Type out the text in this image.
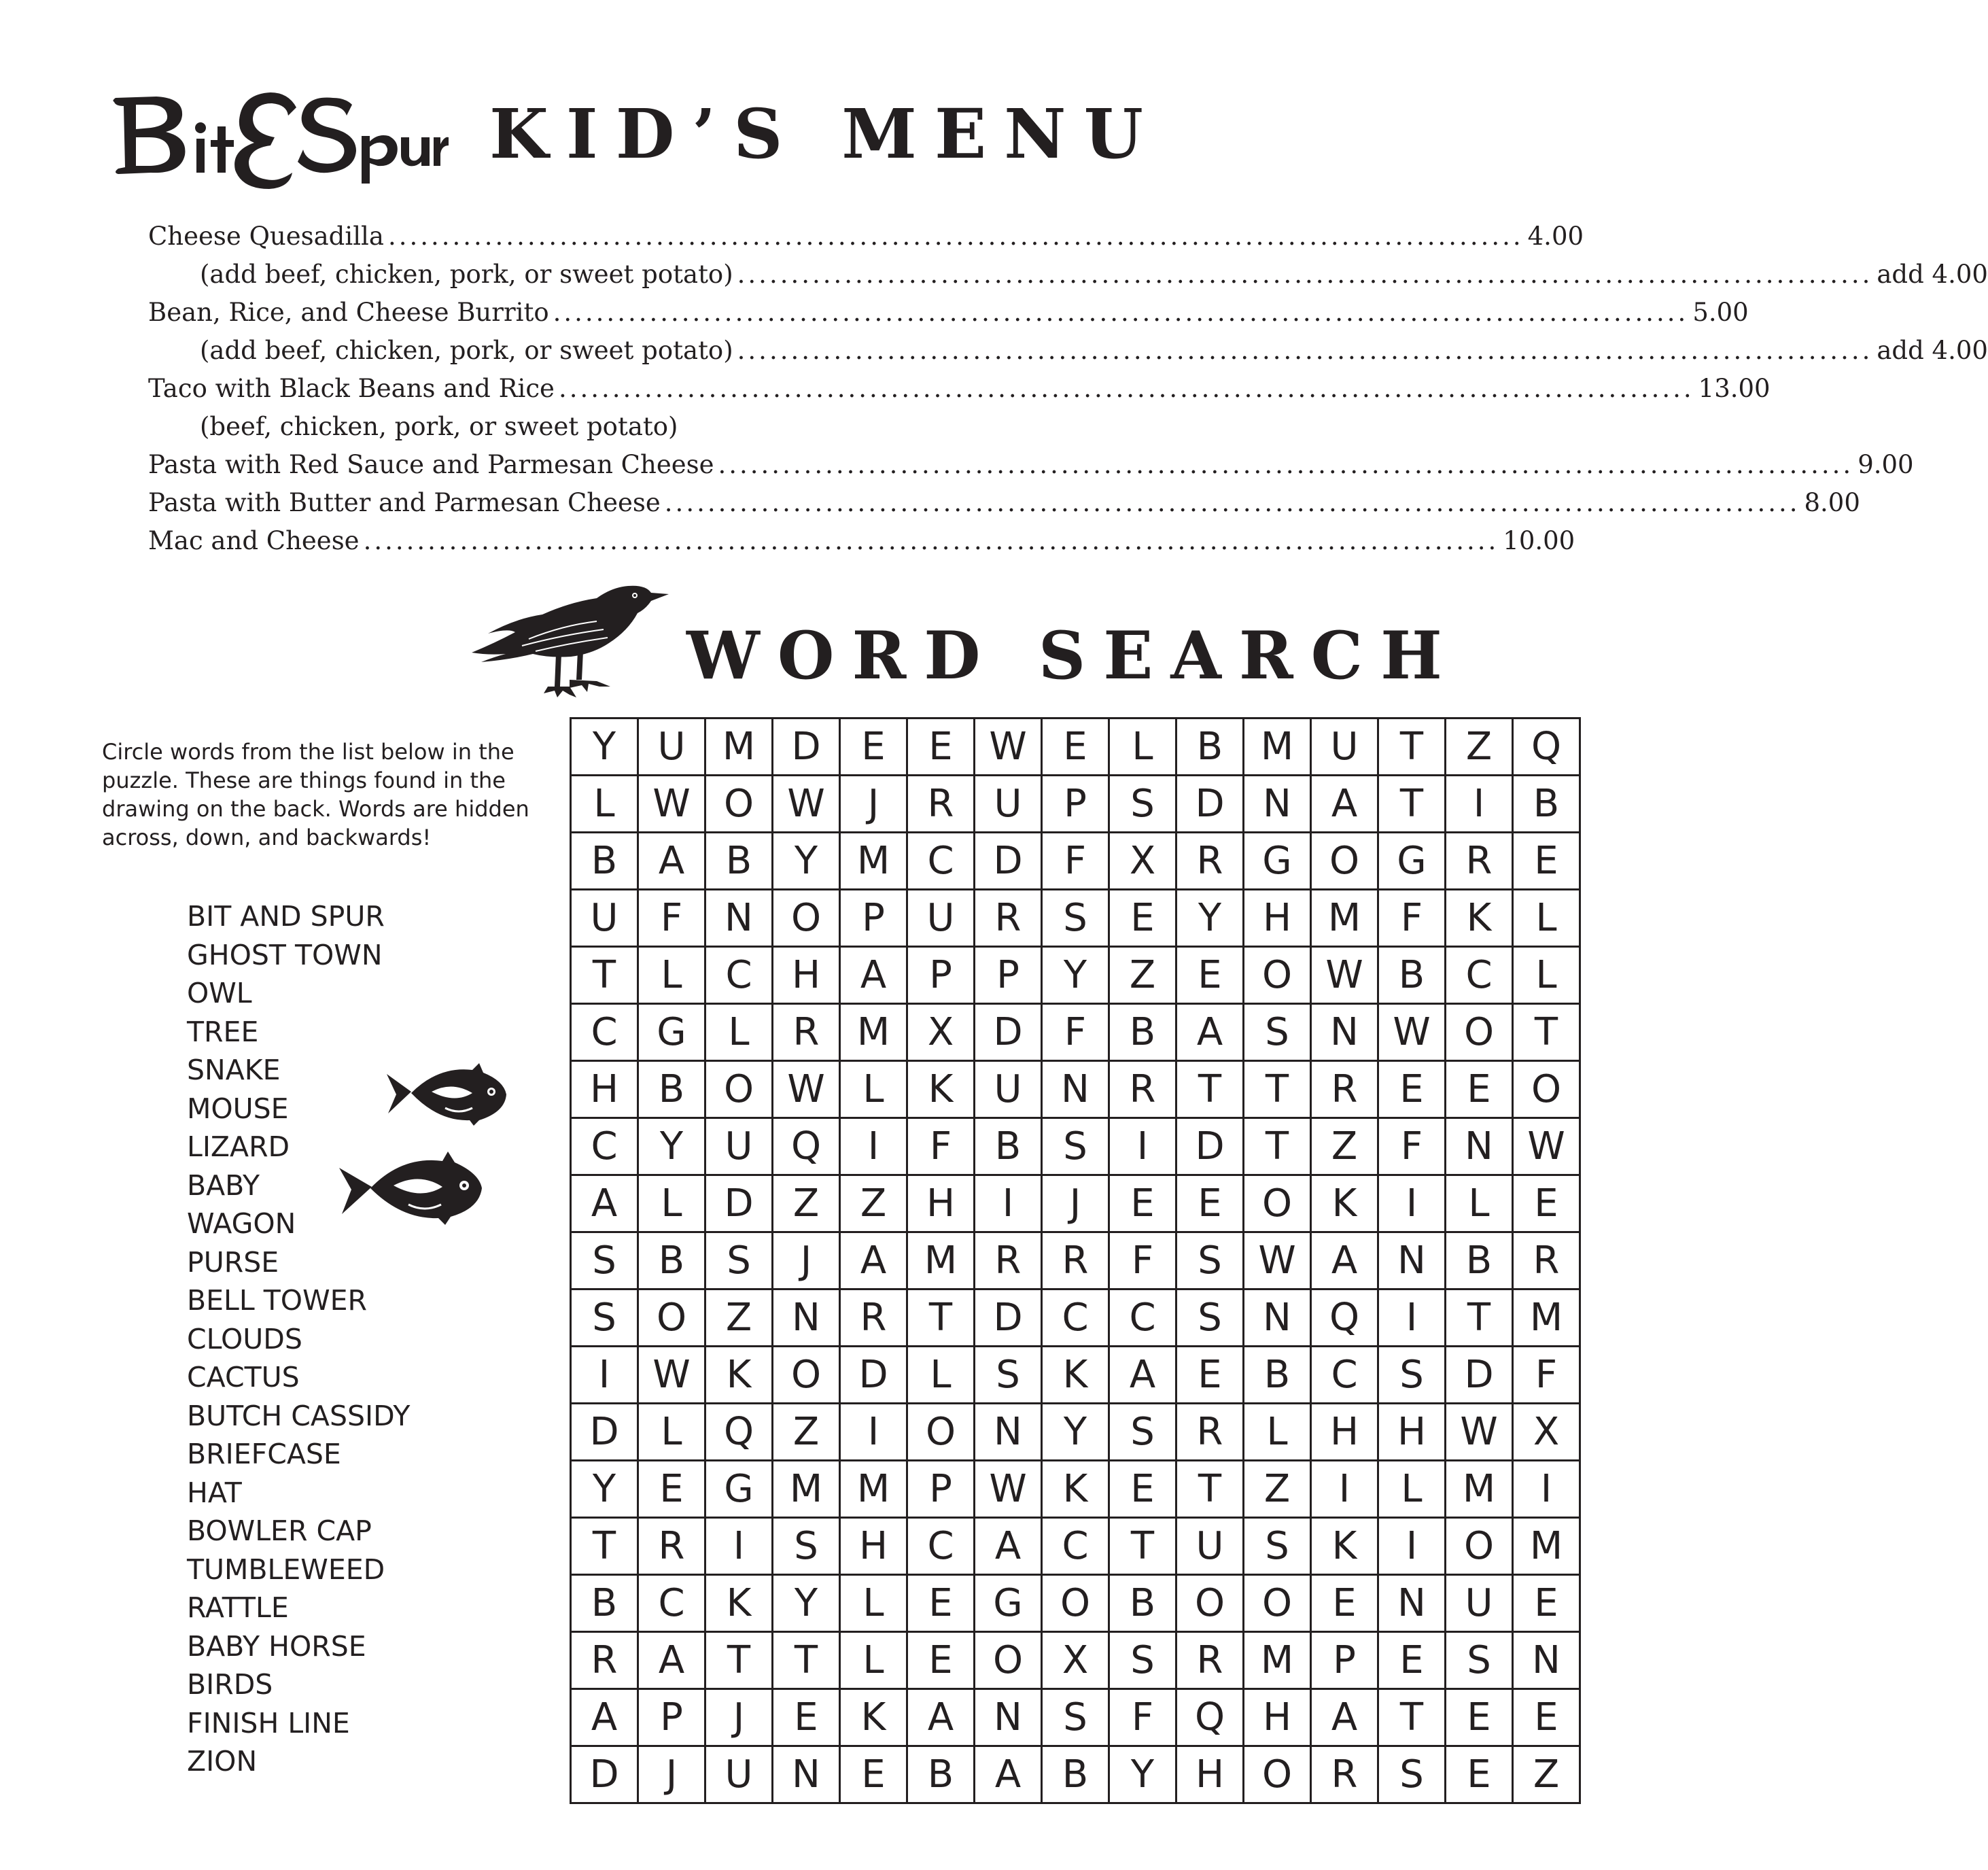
KID’S MENU
Cheese Quesadilla .......................................................................................................... 4.00
(add beef, chicken, pork, or sweet potato) .......................................................................................................... add 4.00
Bean, Rice, and Cheese Burrito .......................................................................................................... 5.00
(add beef, chicken, pork, or sweet potato) .......................................................................................................... add 4.00
Taco with Black Beans and Rice .......................................................................................................... 13.00
(beef, chicken, pork, or sweet potato)
Pasta with Red Sauce and Parmesan Cheese .......................................................................................................... 9.00
Pasta with Butter and Parmesan Cheese .......................................................................................................... 8.00
Mac and Cheese .......................................................................................................... 10.00
WORD SEARCH
Circle words from the list below in the puzzle. These are things found in the drawing on the back. Words are hidden across, down, and backwards!
BIT AND SPUR
GHOST TOWN
OWL
TREE
SNAKE
MOUSE
LIZARD
BABY
WAGON
PURSE
BELL TOWER
CLOUDS
CACTUS
BUTCH CASSIDY
BRIEFCASE
HAT
BOWLER CAP
TUMBLEWEED
RATTLE
BABY HORSE
BIRDS
FINISH LINE
ZION
Y	U M D	E	E W E	L	B M U	T	Z	Q
L W O W	J	R	U	P	S	D	N	A	T	I	B
B	A	B	Y	M C	D	F	X	R	G O G	R	E
U	F	N	O	P	U	R	S	E	Y	H M	F	K	L
T	L	C	H	A	P	P	Y	Z	E	O W B	C	L
C	G	L	R M X	D	F	B	A	S	N W O	T
H	B	O W L	K	U	N	R	T	T	R	E	E	O
C	Y	U	Q	I	F	B	S	I	D	T	Z	F	N W
A	L	D	Z	Z	H	I	J	E	E	O	K	I	L	E
S	B	S	J	A M R	R	F	S W A	N	B	R
S	O	Z	N	R	T	D	C	C	S	N	Q	I	T	M
I	W K	O D	L	S	K	A	E	B	C	S	D	F
D	L	Q	Z	I	O	N	Y	S	R	L	H	H W X
Y	E	G M M	P W K	E	T	Z	I	L	M	I
T	R	I	S	H	C	A	C	T	U	S	K	I	O M
B	C	K	Y	L	E	G O	B	O O	E	N	U	E
R	A	T	T	L	E	O	X	S	R M	P	E	S	N
A	P	J	E	K	A	N	S	F	Q H	A	T	E	E
D	J	U	N	E	B	A	B	Y	H O	R	S	E	Z
